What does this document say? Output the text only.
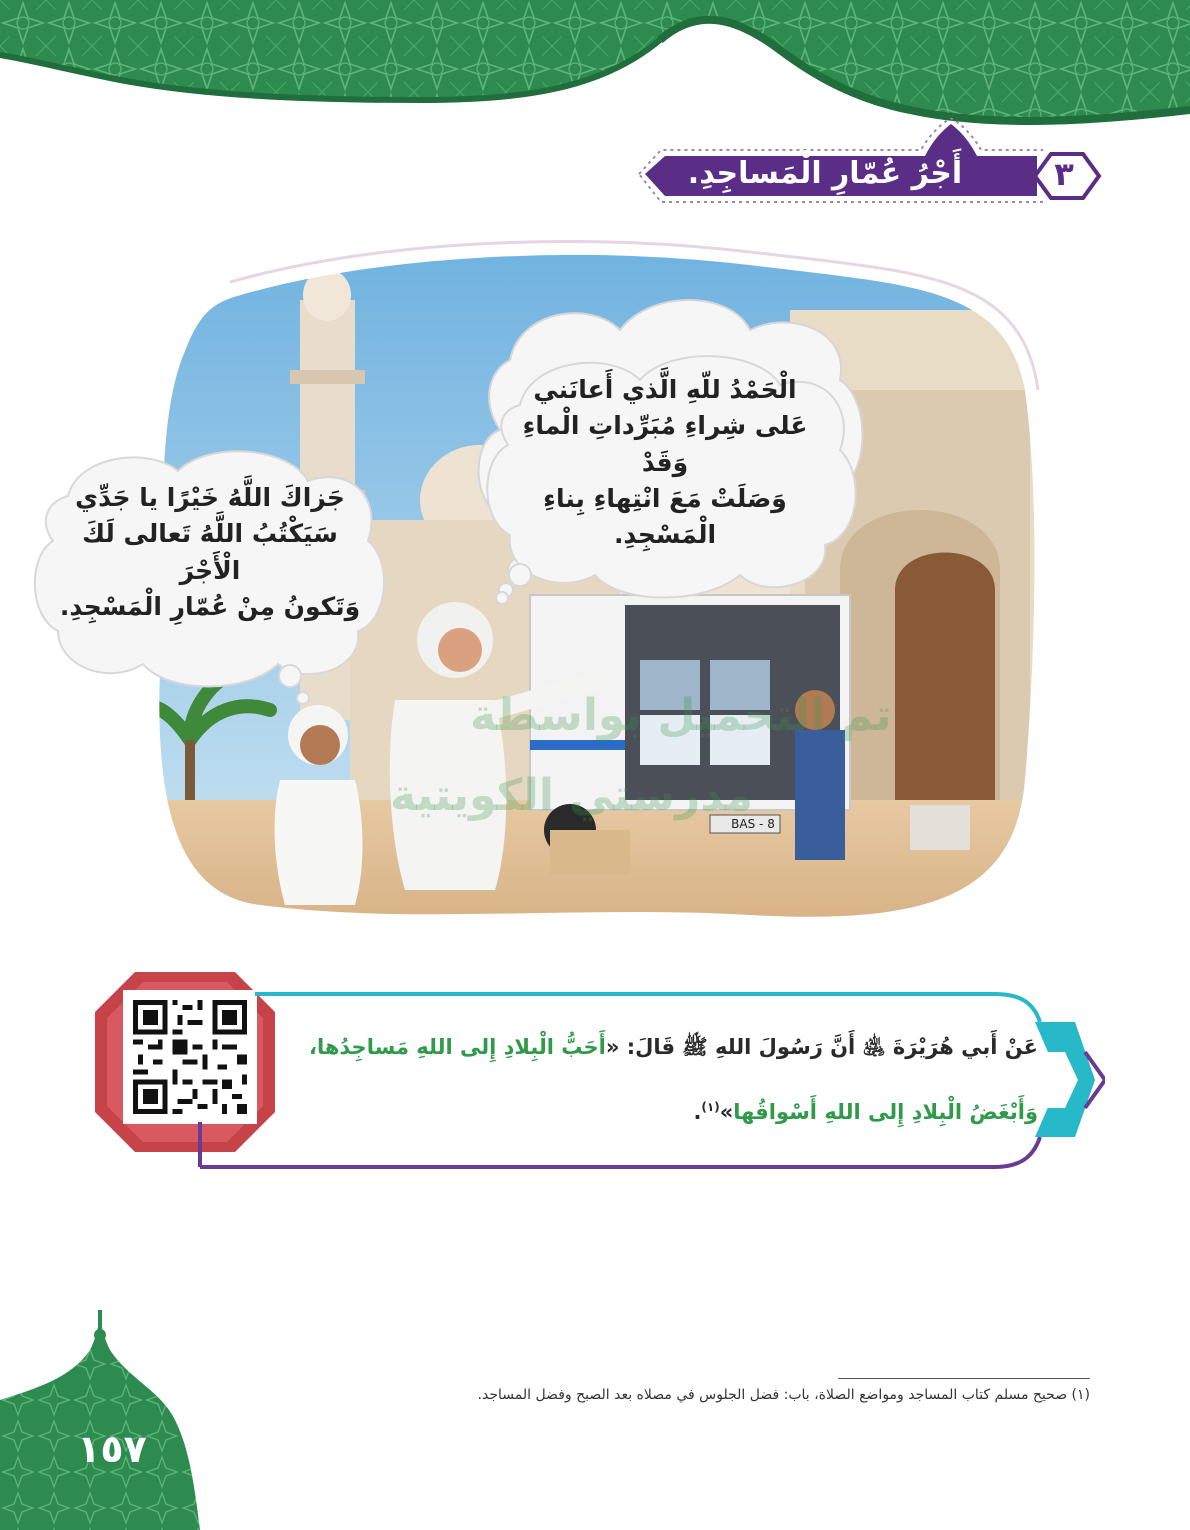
أَجْرُ عُمّارِ الْمَساجِدِ.	٣
الْحَمْدُ للّهِ الَّذي أَعانَني
عَلى شِراءِ مُبَرِّداتِ الْماءِ وَقَدْ
وَصَلَتْ مَعَ انْتِهاءِ بِناءِ
الْمَسْجِدِ.
جَزاكَ اللَّهُ خَيْرًا يا جَدِّي
سَيَكْتُبُ اللَّهُ تَعالى لَكَ الْأَجْرَ
وَتَكونُ مِنْ عُمّارِ الْمَسْجِدِ.
تم التحميل بواسطة
مدرستي الكويتية
BAS - 8
عَنْ أَبي هُرَيْرَةَ ﵁ أَنَّ رَسُولَ اللهِ ﷺ قَالَ: «أَحَبُّ الْبِلادِ إِلى اللهِ مَساجِدُها،
وَأَبْغَضُ الْبِلادِ إِلى اللهِ أَسْواقُها»$^{(١)}$.
(١) صحيح مسلم كتاب المساجد ومواضع الصلاة، باب: فضل الجلوس في مصلاه بعد الصبح وفضل المساجد.
١٥٧
